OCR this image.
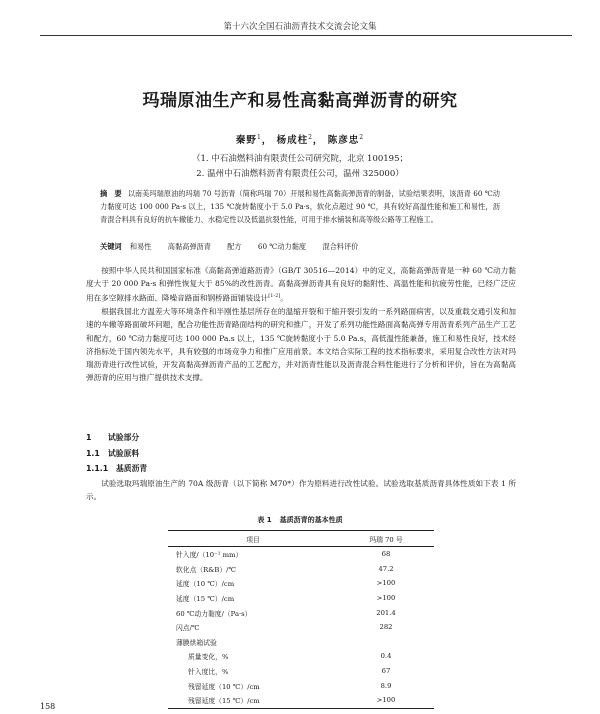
第十六次全国石油沥青技术交流会论文集
玛瑞原油生产和易性高黏高弹沥青的研究
秦野$^1$， 杨成柱$^2$， 陈彦忠$^2$
（1. 中石油燃料油有限责任公司研究院，北京 100195；
2. 温州中石油燃料沥青有限责任公司，温州 325000）
摘　要 以南美玛瑞原油的玛瑞 70 号沥青（简称玛瑞 70）开展和易性高黏高弹沥青的制备，试验结果表明，该沥青 60 ℃动力黏度可达 100 000 Pa·s 以上，135 ℃旋转黏度小于 5.0 Pa·s，软化点超过 90 ℃，具有较好高温性能和施工和易性，沥青混合料具有良好的抗车辙能力、水稳定性以及低温抗裂性能，可用于排水铺装和高等级公路等工程施工。
关键词 和易性 高黏高弹沥青 配方 60 ℃动力黏度 混合料评价

按照中华人民共和国国家标准《高黏高弹道路沥青》（GB/T 30516—2014）中的定义，高黏高弹沥青是一种 60 ℃动力黏度大于 20 000 Pa·s 和弹性恢复大于 85%的改性沥青。高黏高弹沥青具有良好的黏附性、高温性能和抗疲劳性能，已经广泛应用在多空隙排水路面、降噪音路面和钢桥路面铺装设计[1-2]。

根据我国北方温差大等环境条件和半刚性基层所存在的温缩开裂和干缩开裂引发的一系列路面病害，以及重载交通引发和加速的车辙等路面破坏问题，配合功能性沥青路面结构的研究和推广，开发了系列功能性路面高黏高弹专用沥青系列产品生产工艺和配方，60 ℃动力黏度可达 100 000 Pa.s 以上，135 ℃旋转黏度小于 5.0 Pa.s，高低温性能兼备，施工和易性良好，技术经济指标处于国内领先水平，具有较强的市场竞争力和推广应用前景。本文结合实际工程的技术指标要求，采用复合改性方法对玛瑞沥青进行改性试验，开发高黏高弹沥青产品的工艺配方，并对沥青性能以及沥青混合料性能进行了分析和评价，旨在为高黏高弹沥青的应用与推广提供技术支撑。

1 试验部分
1.1 试验原料
1.1.1 基质沥青

试验选取玛瑞原油生产的 70A 级沥青（以下简称 M70*）作为原料进行改性试验。试验选取基质沥青具体性质如下表 1 所示。

表 1 基质沥青的基本性质
项目	玛瑞 70 号
针入度/（10⁻¹ mm）	68
软化点（R&B）/℃	47.2
延度（10 ℃）/cm	>100
延度（15 ℃）/cm	>100
60 ℃动力黏度/（Pa·s）	201.4
闪点/℃	282
薄膜烘箱试验	
质量变化，%	0.4
针入度比，%	67
残留延度（10 ℃）/cm	8.9
残留延度（15 ℃）/cm	>100
158
